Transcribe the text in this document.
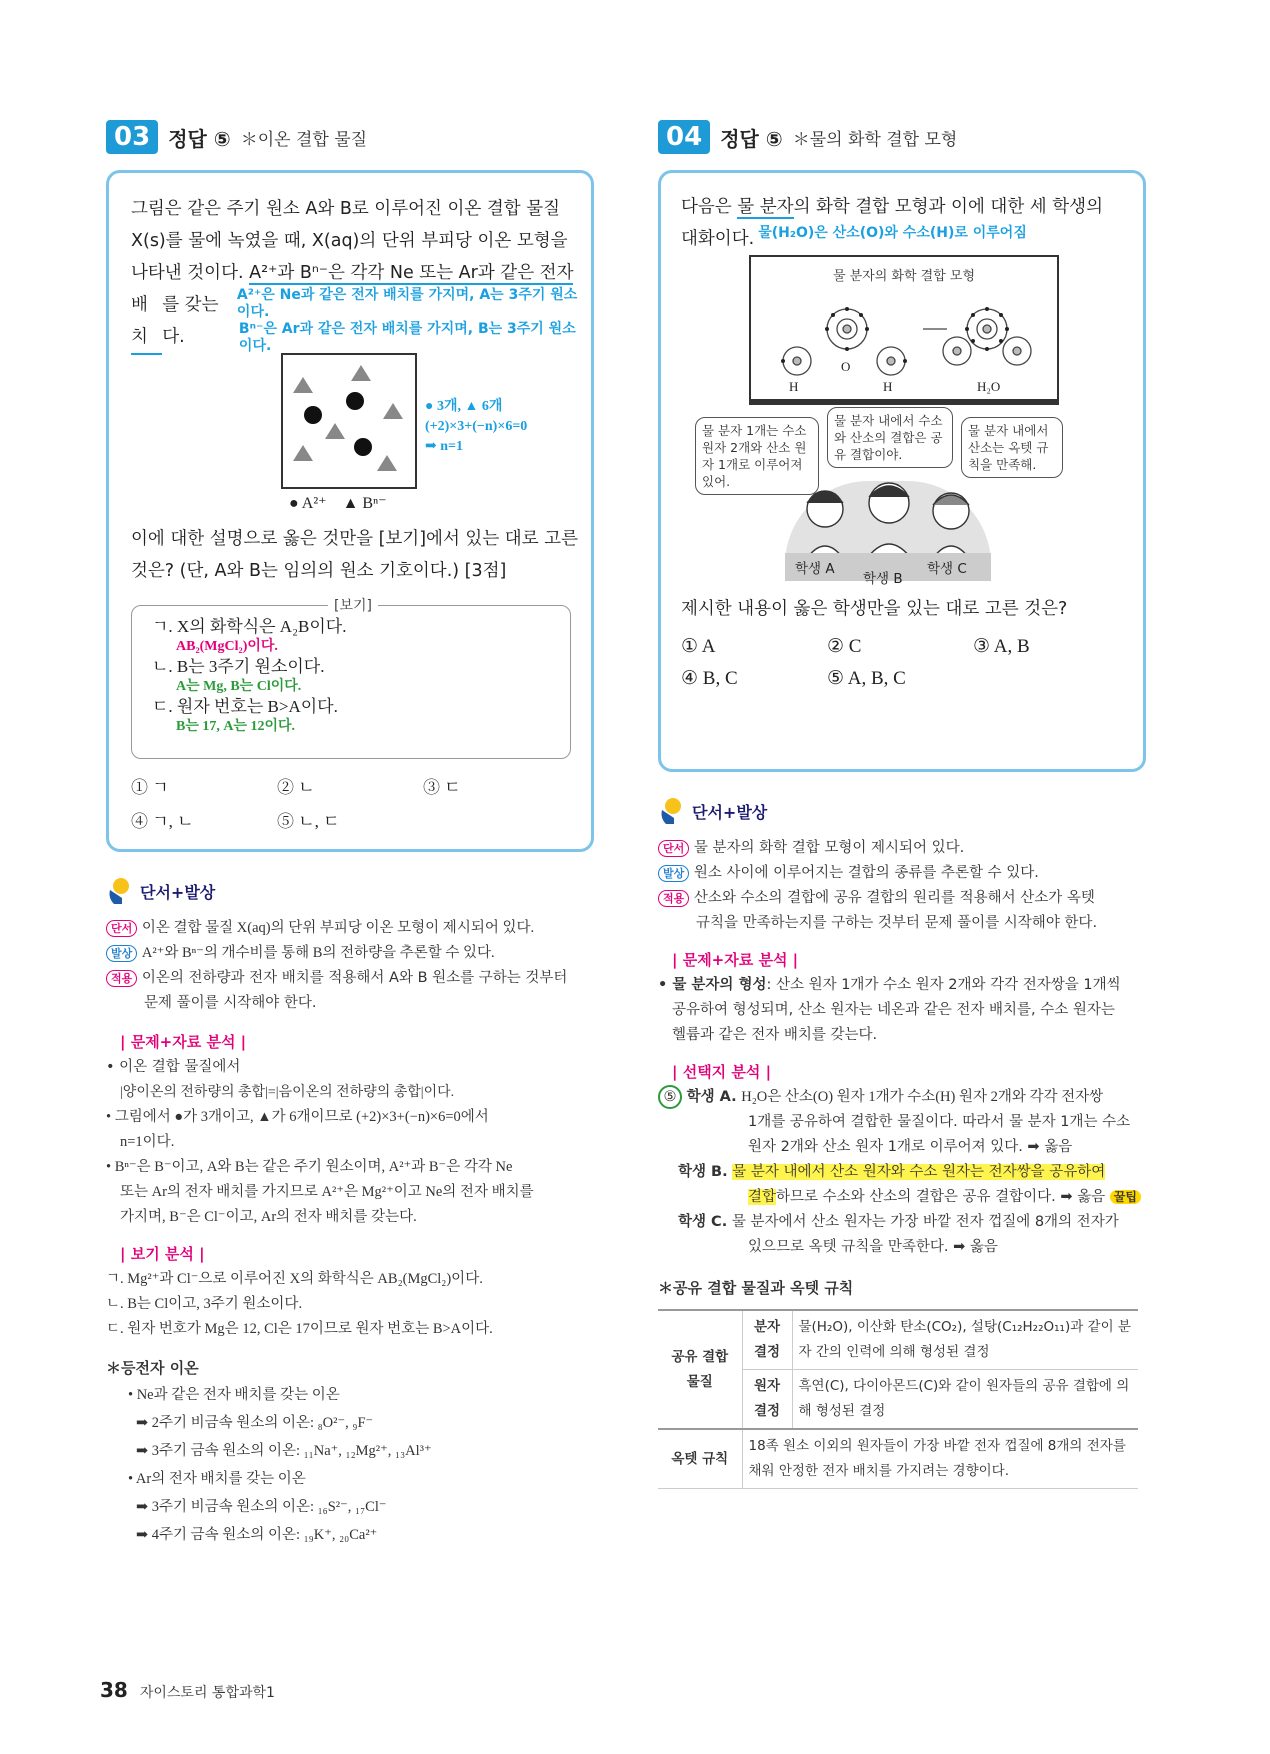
03 정답 ⑤ ＊이온 결합 물질
그림은 같은 주기 원소 A와 B로 이루어진 이온 결합 물질
X(s)를 물에 녹였을 때, X(aq)의 단위 부피당 이온 모형을
나타낸 것이다. A²⁺과 Bⁿ⁻은 각각 Ne 또는 Ar과 같은 전자
배치
를 갖는다.
A²⁺은 Ne과 같은 전자 배치를 가지며, A는 3주기 원소이다.
Bⁿ⁻은 Ar과 같은 전자 배치를 가지며, B는 3주기 원소이다.
● 3개, ▲ 6개
(+2)×3+(−n)×6=0
➡ n=1
● A²⁺ ▲ Bⁿ⁻
이에 대한 설명으로 옳은 것만을 [보기]에서 있는 대로 고른
것은? (단, A와 B는 임의의 원소 기호이다.) [3점]
[보기]
ㄱ. X의 화학식은 A₂B이다.
AB₂(MgCl₂)이다.
ㄴ. B는 3주기 원소이다.
A는 Mg, B는 Cl이다.
ㄷ. 원자 번호는 B>A이다.
B는 17, A는 12이다.
① ㄱ	② ㄴ	③ ㄷ
④ ㄱ, ㄴ	⑤ ㄴ, ㄷ
단서+발상
단서 이온 결합 물질 X(aq)의 단위 부피당 이온 모형이 제시되어 있다.
발상 A²⁺와 Bⁿ⁻의 개수비를 통해 B의 전하량을 추론할 수 있다.
적용 이온의 전하량과 전자 배치를 적용해서 A와 B 원소를 구하는 것부터
문제 풀이를 시작해야 한다.
| 문제+자료 분석 |
• 이온 결합 물질에서
|양이온의 전하량의 총합|=|음이온의 전하량의 총합|이다.
• 그림에서 ●가 3개이고, ▲가 6개이므로 (+2)×3+(−n)×6=0에서
n=1이다.
• Bⁿ⁻은 B⁻이고, A와 B는 같은 주기 원소이며, A²⁺과 B⁻은 각각 Ne
또는 Ar의 전자 배치를 가지므로 A²⁺은 Mg²⁺이고 Ne의 전자 배치를
가지며, B⁻은 Cl⁻이고, Ar의 전자 배치를 갖는다.
| 보기 분석 |
ㄱ. Mg²⁺과 Cl⁻으로 이루어진 X의 화학식은 AB₂(MgCl₂)이다.
ㄴ. B는 Cl이고, 3주기 원소이다.
ㄷ. 원자 번호가 Mg은 12, Cl은 17이므로 원자 번호는 B>A이다.
＊등전자 이온
• Ne과 같은 전자 배치를 갖는 이온
➡ 2주기 비금속 원소의 이온: ₈O²⁻, ₉F⁻
➡ 3주기 금속 원소의 이온: ₁₁Na⁺, ₁₂Mg²⁺, ₁₃Al³⁺
• Ar의 전자 배치를 갖는 이온
➡ 3주기 비금속 원소의 이온: ₁₆S²⁻, ₁₇Cl⁻
➡ 4주기 금속 원소의 이온: ₁₉K⁺, ₂₀Ca²⁺
04 정답 ⑤ ＊물의 화학 결합 모형
다음은 물 분자의 화학 결합 모형과 이에 대한 세 학생의
대화이다. 물(H₂O)은 산소(O)와 수소(H)로 이루어짐
물 분자의 화학 결합 모형
H
O
H	H₂O
물 분자 1개는 수소 원자 2개와 산소 원자 1개로 이루어져 있어.
물 분자 내에서 수소와 산소의 결합은 공유 결합이야.
물 분자 내에서 산소는 옥텟 규칙을 만족해.
학생 A
학생 B
학생 C
제시한 내용이 옳은 학생만을 있는 대로 고른 것은?
① A	② C	③ A, B
④ B, C	⑤ A, B, C
단서+발상
단서 물 분자의 화학 결합 모형이 제시되어 있다.
발상 원소 사이에 이루어지는 결합의 종류를 추론할 수 있다.
적용 산소와 수소의 결합에 공유 결합의 원리를 적용해서 산소가 옥텟
규칙을 만족하는지를 구하는 것부터 문제 풀이를 시작해야 한다.
| 문제+자료 분석 |
• 물 분자의 형성: 산소 원자 1개가 수소 원자 2개와 각각 전자쌍을 1개씩
공유하여 형성되며, 산소 원자는 네온과 같은 전자 배치를, 수소 원자는
헬륨과 같은 전자 배치를 갖는다.
| 선택지 분석 |
⑤ 학생 A. H₂O은 산소(O) 원자 1개가 수소(H) 원자 2개와 각각 전자쌍
1개를 공유하여 결합한 물질이다. 따라서 물 분자 1개는 수소
원자 2개와 산소 원자 1개로 이루어져 있다. ➡ 옳음
학생 B. 물 분자 내에서 산소 원자와 수소 원자는 전자쌍을 공유하여
결합하므로 수소와 산소의 결합은 공유 결합이다. ➡ 옳음 꿀팁
학생 C. 물 분자에서 산소 원자는 가장 바깥 전자 껍질에 8개의 전자가
있으므로 옥텟 규칙을 만족한다. ➡ 옳음
＊공유 결합 물질과 옥텟 규칙
공유 결합 물질	분자 결정	물(H₂O), 이산화 탄소(CO₂), 설탕(C₁₂H₂₂O₁₁)과 같이 분자 간의 인력에 의해 형성된 결정
	원자 결정	흑연(C), 다이아몬드(C)와 같이 원자들의 공유 결합에 의해 형성된 결정
옥텟 규칙	18족 원소 이외의 원자들이 가장 바깥 전자 껍질에 8개의 전자를 채워 안정한 전자 배치를 가지려는 경향이다.	
38 자이스토리 통합과학1
